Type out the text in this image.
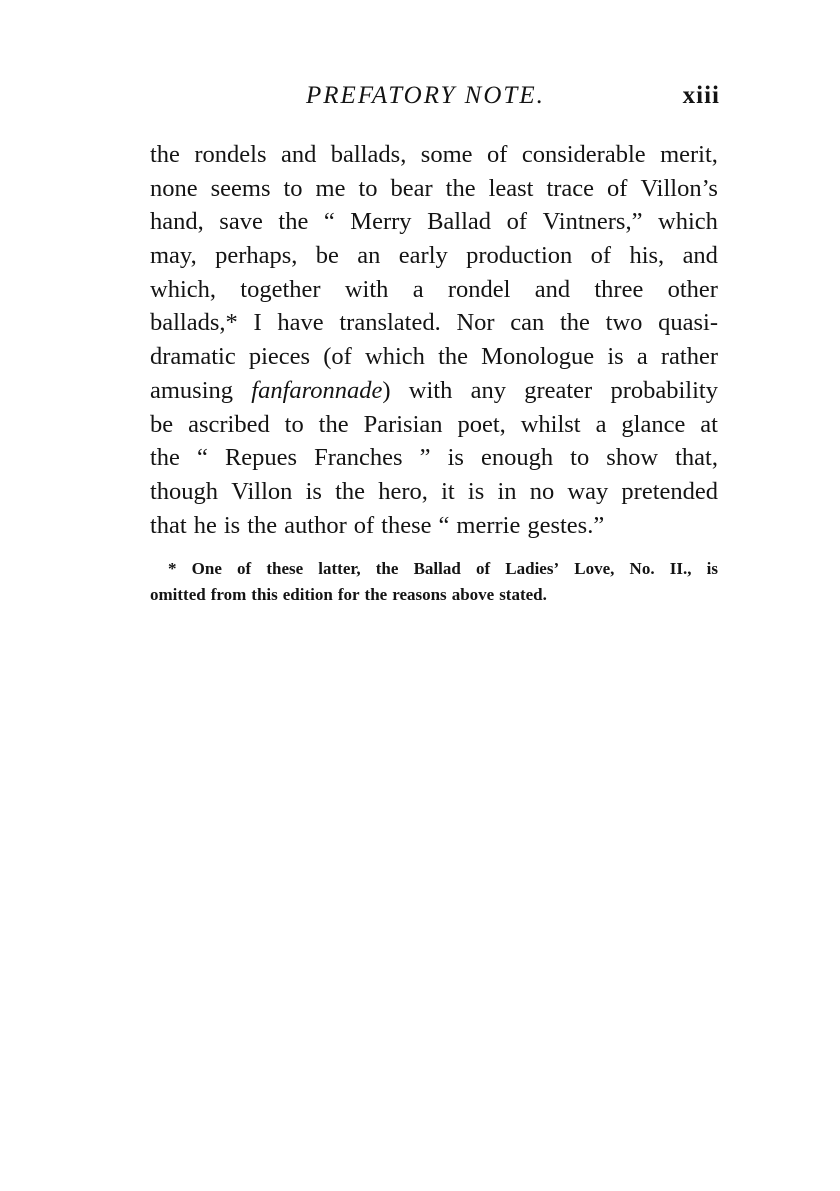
PREFATORY NOTE.	xiii
the rondels and ballads, some of considerable merit,
none seems to me to bear the least trace of Villon’s
hand, save the “ Merry Ballad of Vintners,” which
may, perhaps, be an early production of his, and
which, together with a rondel and three other
ballads,* I have translated. Nor can the two quasi-
dramatic pieces (of which the Monologue is a rather
amusing fanfaronnade) with any greater probability
be ascribed to the Parisian poet, whilst a glance at
the “ Repues Franches ” is enough to show that,
though Villon is the hero, it is in no way pretended
that he is the author of these “ merrie gestes.”
* One of these latter, the Ballad of Ladies’ Love, No. II., is
omitted from this edition for the reasons above stated.
